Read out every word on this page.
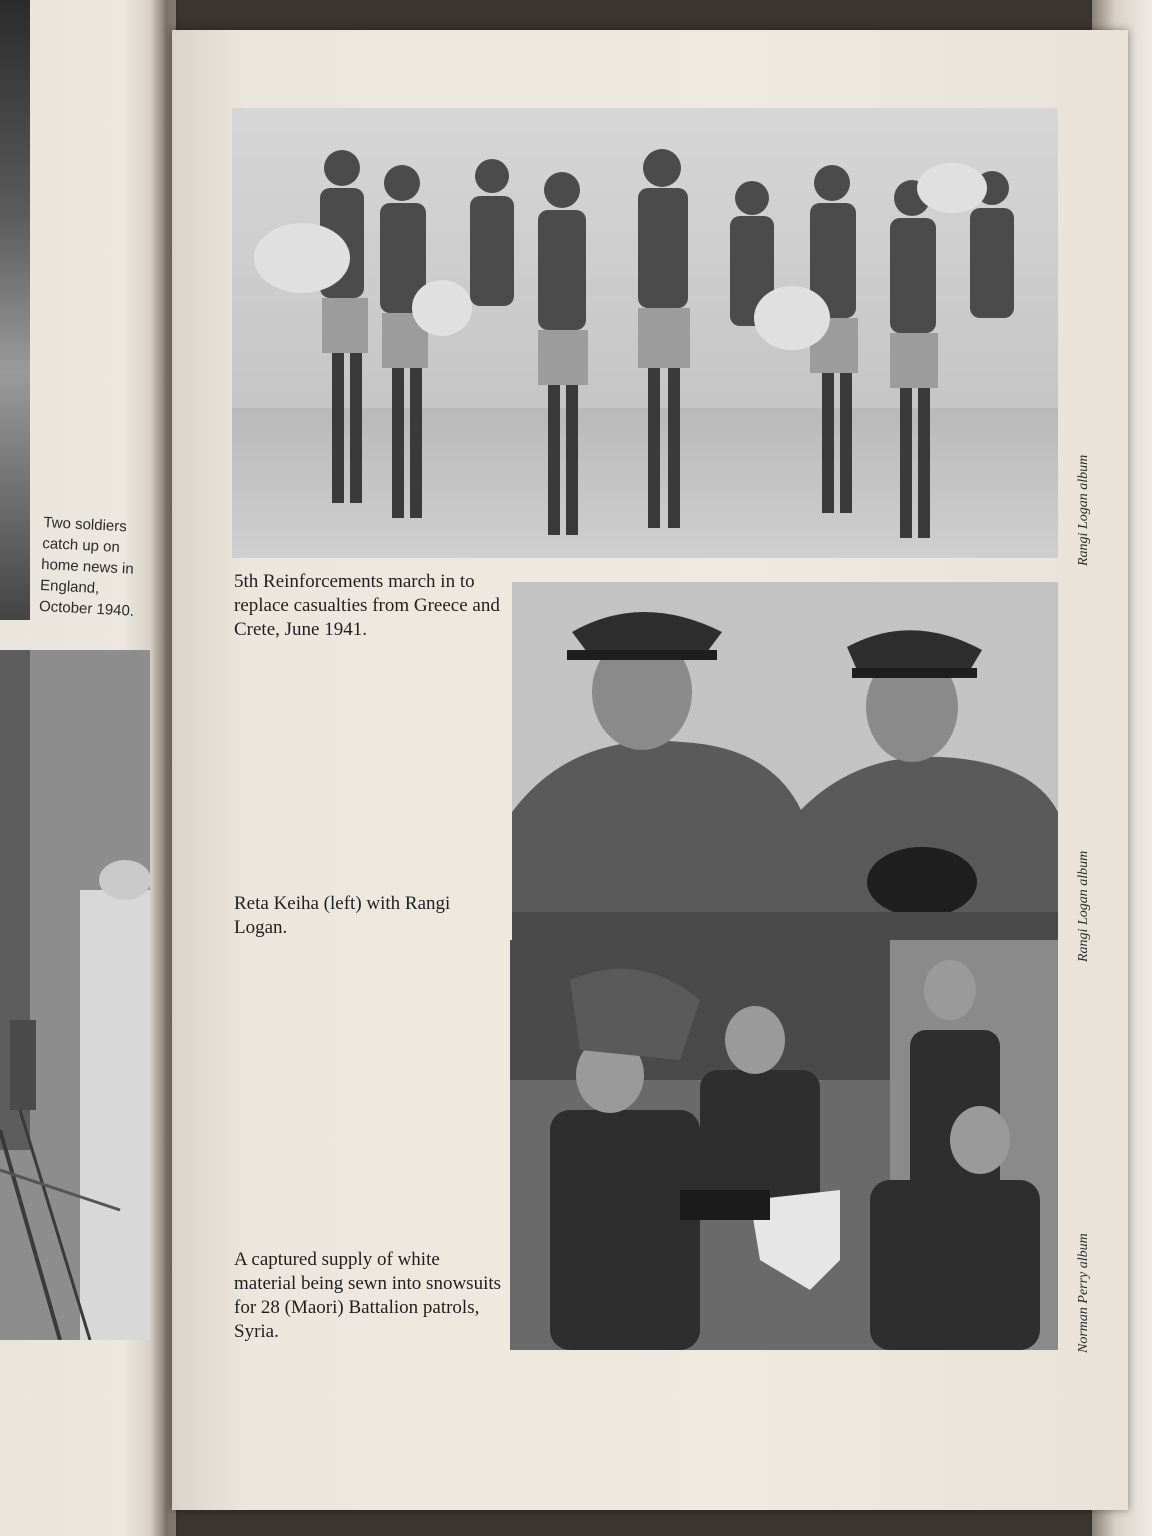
Two soldiers catch up on home news in England, October 1940.
Rangi Logan album
5th Reinforcements march in to replace casualties from Greece and Crete, June 1941.
Rangi Logan album
Reta Keiha (left) with Rangi Logan.
Norman Perry album
A captured supply of white material being sewn into snowsuits for 28 (Maori) Battalion patrols, Syria.
